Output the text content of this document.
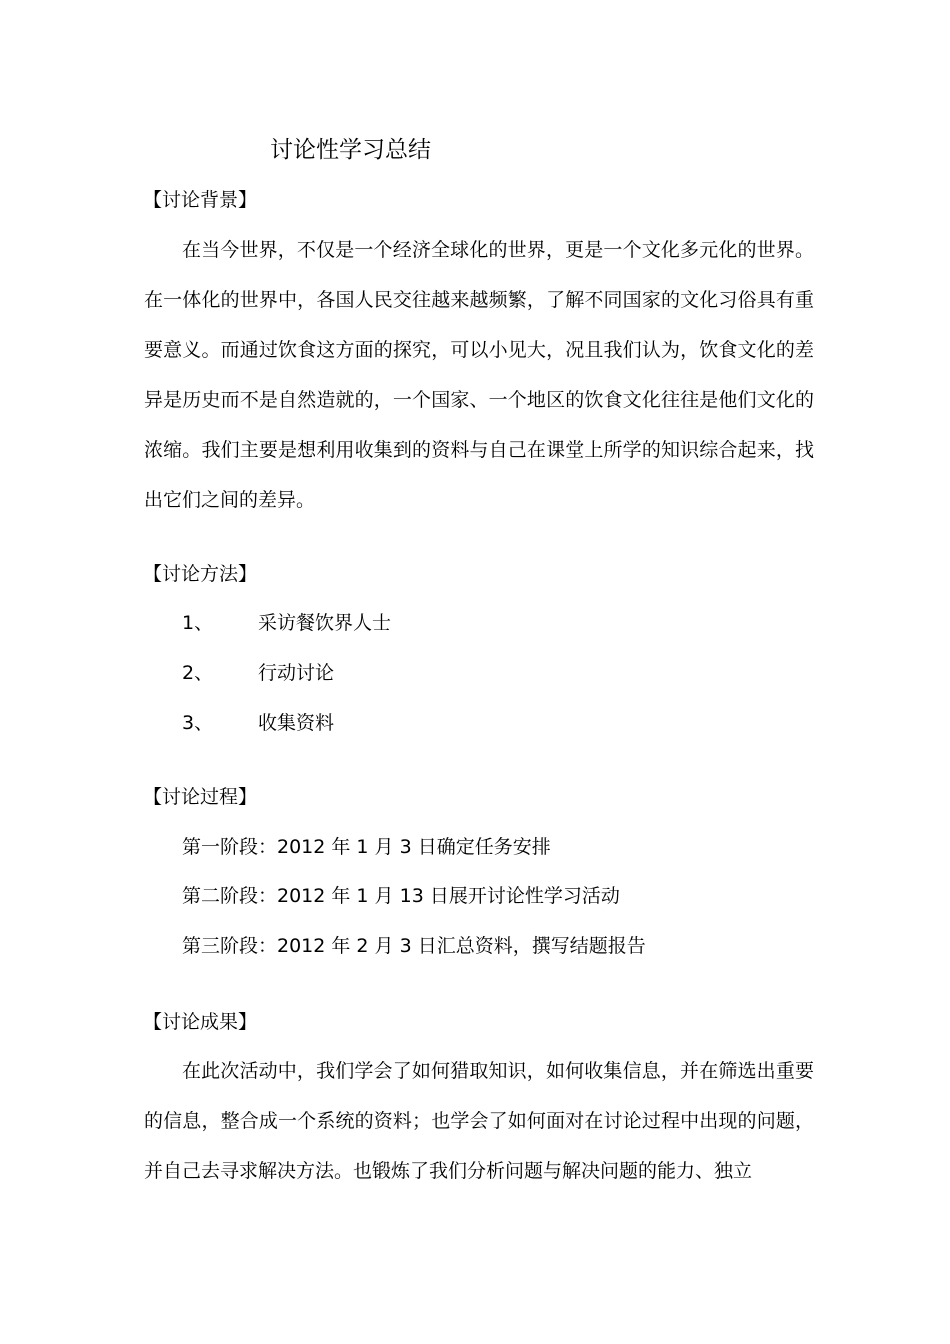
讨论性学习总结
【讨论背景】
在当今世界，不仅是一个经济全球化的世界，更是一个文化多元化的世界。在一体化的世界中，各国人民交往越来越频繁，了解不同国家的文化习俗具有重要意义。而通过饮食这方面的探究，可以小见大，况且我们认为，饮食文化的差异是历史而不是自然造就的，一个国家、一个地区的饮食文化往往是他们文化的浓缩。我们主要是想利用收集到的资料与自己在课堂上所学的知识综合起来，找出它们之间的差异。
【讨论方法】
1、 采访餐饮界人士
2、 行动讨论
3、 收集资料
【讨论过程】
第一阶段：2012 年 1 月 3 日确定任务安排
第二阶段：2012 年 1 月 13 日展开讨论性学习活动
第三阶段：2012 年 2 月 3 日汇总资料，撰写结题报告
【讨论成果】
在此次活动中，我们学会了如何猎取知识，如何收集信息，并在筛选出重要的信息，整合成一个系统的资料；也学会了如何面对在讨论过程中出现的问题，并自己去寻求解决方法。也锻炼了我们分析问题与解决问题的能力、独立
